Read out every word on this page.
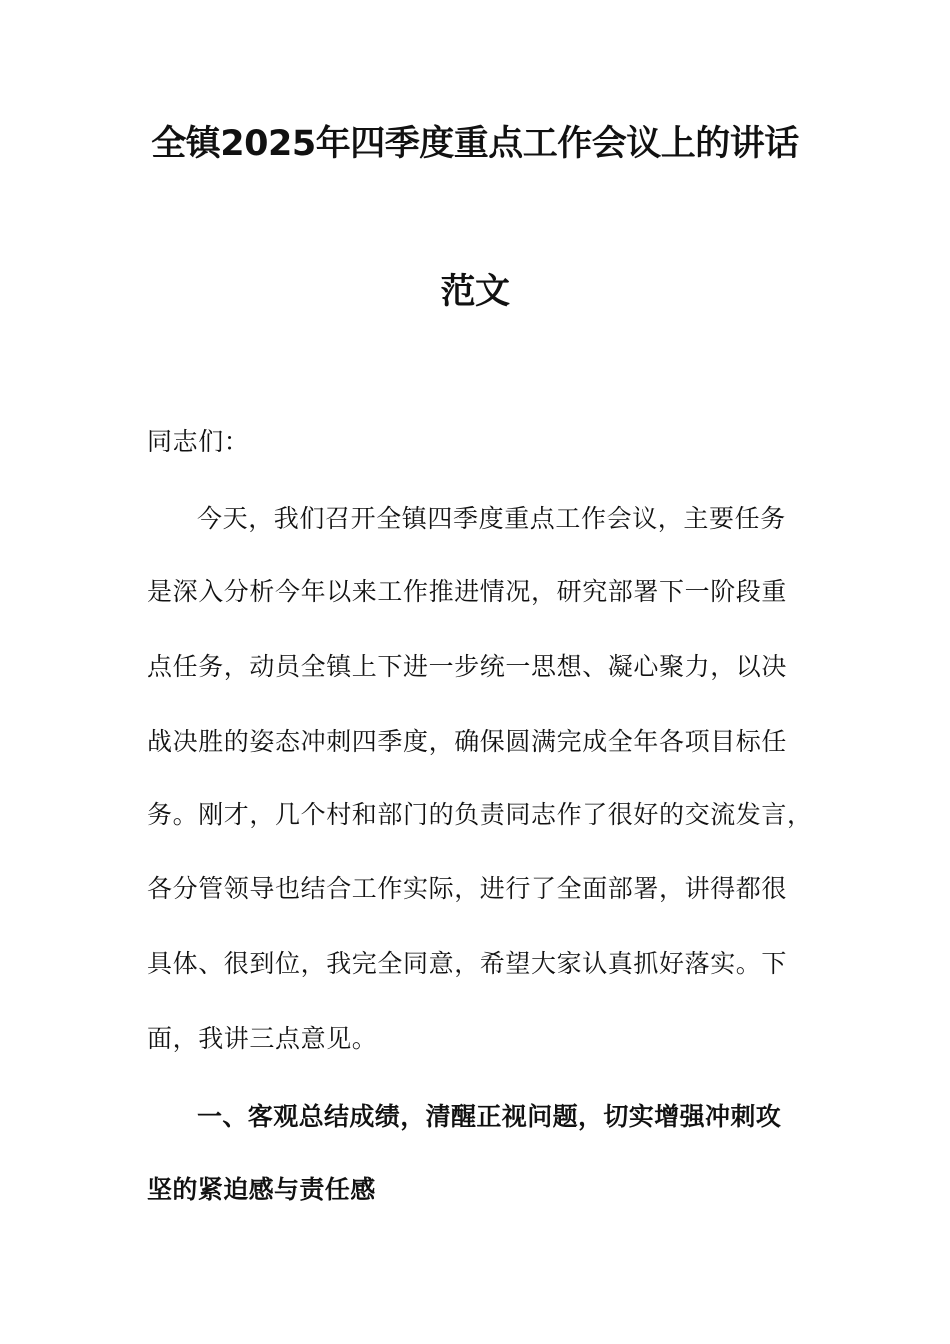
全镇2025年四季度重点工作会议上的讲话
范文
同志们：
今天，我们召开全镇四季度重点工作会议，主要任务
是深入分析今年以来工作推进情况，研究部署下一阶段重
点任务，动员全镇上下进一步统一思想、凝心聚力，以决
战决胜的姿态冲刺四季度，确保圆满完成全年各项目标任
务。刚才，几个村和部门的负责同志作了很好的交流发言，
各分管领导也结合工作实际，进行了全面部署，讲得都很
具体、很到位，我完全同意，希望大家认真抓好落实。下
面，我讲三点意见。
一、客观总结成绩，清醒正视问题，切实增强冲刺攻
坚的紧迫感与责任感
